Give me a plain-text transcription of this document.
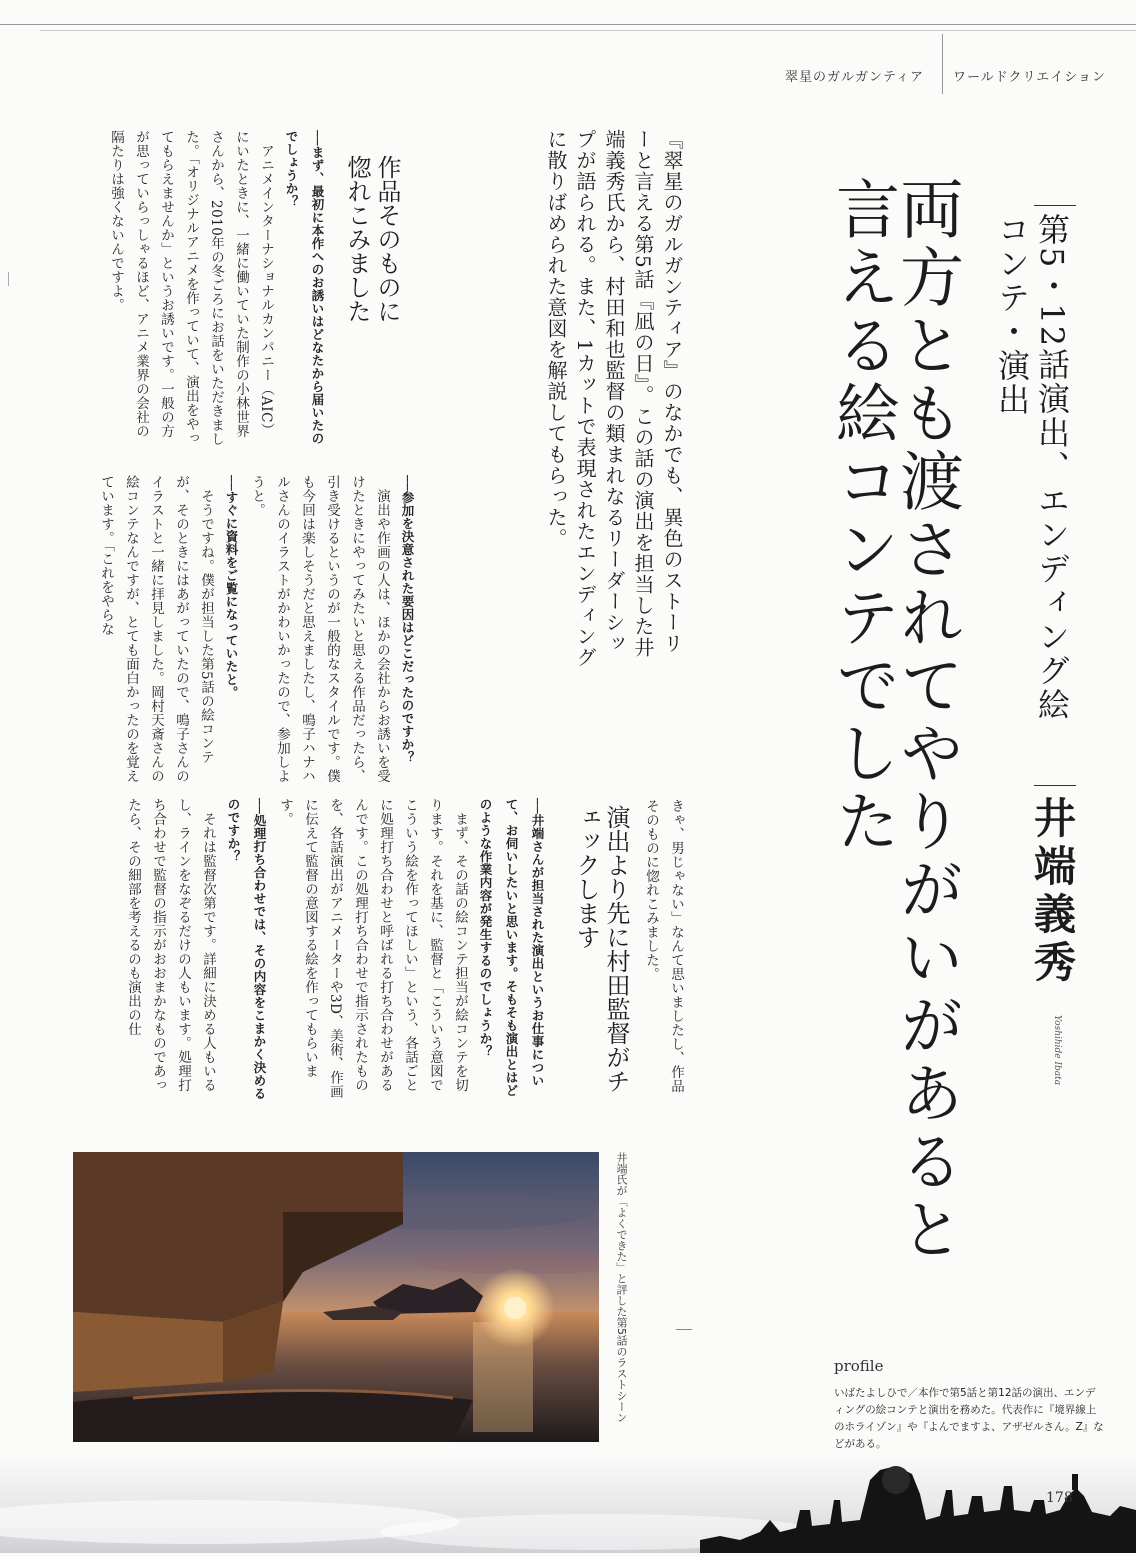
翠星のガルガンティア ワールドクリエイション
第5・12話演出、エンディング絵コンテ・演出
井端義秀
Yoshihide Ibata
両方とも渡されてやりがいがあると言える絵コンテでした
『翠星のガルガンティア』のなかでも、異色のストーリーと言える第5話『凪の日』。この話の演出を担当した井端義秀氏から、村田和也監督の類まれなるリーダーシップが語られる。また、1カットで表現されたエンディングに散りばめられた意図を解説してもらった。
作品そのものに惚れこみました
演出より先に村田監督がチェックします
──まず、最初に本作へのお誘いはどなたから届いたのでしょうか？
　アニメインターナショナルカンパニー（AIC）にいたときに、一緒に働いていた制作の小林世界さんから、2010年の冬ごろにお話をいただきました。「オリジナルアニメを作っていて、演出をやってもらえませんか」というお誘いです。一般の方が思っていらっしゃるほど、アニメ業界の会社の隔たりは強くないんですよ。
──参加を決意された要因はどこだったのですか？
　演出や作画の人は、ほかの会社からお誘いを受けたときにやってみたいと思える作品だったら、引き受けるというのが一般的なスタイルです。僕も今回は楽しそうだと思えましたし、鳴子ハナハルさんのイラストがかわいかったので、参加しようと。
──すぐに資料をご覧になっていたと。
　そうですね。僕が担当した第5話の絵コンテが、そのときにはあがっていたので、鳴子さんのイラストと一緒に拝見しました。岡村天斎さんの絵コンテなんですが、とても面白かったのを覚えています。「これをやらな
きゃ、男じゃない」なんて思いましたし、作品そのものに惚れこみました。
──井端さんが担当された演出というお仕事について、お伺いしたいと思います。そもそも演出とはどのような作業内容が発生するのでしょうか？
　まず、その話の絵コンテ担当が絵コンテを切ります。それを基に、監督と「こういう意図でこういう絵を作ってほしい」という、各話ごとに処理打ち合わせと呼ばれる打ち合わせがあるんです。この処理打ち合わせで指示されたものを、各話演出がアニメーターや3D、美術、作画に伝えて監督の意図する絵を作ってもらいます。
──処理打ち合わせでは、その内容をこまかく決めるのですか？
　それは監督次第です。詳細に決める人もいるし、ラインをなぞるだけの人もいます。処理打ち合わせで監督の指示がおおまかなものであったら、その細部を考えるのも演出の仕
井端氏が「よくできた」と評した第5話のラストシーン	profile
いばたよしひで／本作で第5話と第12話の演出、エンディングの絵コンテと演出を務めた。代表作に『境界線上のホライゾン』や『よんでますよ、アザゼルさん。Z』などがある。
178
